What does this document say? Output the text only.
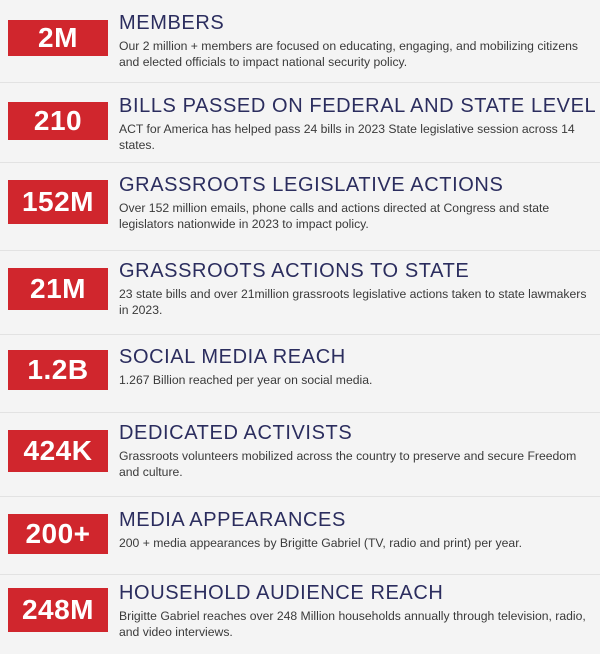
2M	MEMBERS
Our 2 million + members are focused on educating, engaging, and mobilizing citizens and elected officials to impact national security policy.
210	BILLS PASSED ON FEDERAL AND STATE LEVEL
ACT for America has helped pass 24 bills in 2023 State legislative session across 14 states.
152M
GRASSROOTS LEGISLATIVE ACTIONS
Over 152 million emails, phone calls and actions directed at Congress and state legislators nationwide in 2023 to impact policy.
21M
GRASSROOTS ACTIONS TO STATE
23 state bills and over 21million grassroots legislative actions taken to state lawmakers in 2023.
1.2B	SOCIAL MEDIA REACH
1.267 Billion reached per year on social media.
424K
DEDICATED ACTIVISTS
Grassroots volunteers mobilized across the country to preserve and secure Freedom and culture.
200+	MEDIA APPEARANCES
200 + media appearances by Brigitte Gabriel (TV, radio and print) per year.
248M
HOUSEHOLD AUDIENCE REACH
Brigitte Gabriel reaches over 248 Million households annually through television, radio, and video interviews.
